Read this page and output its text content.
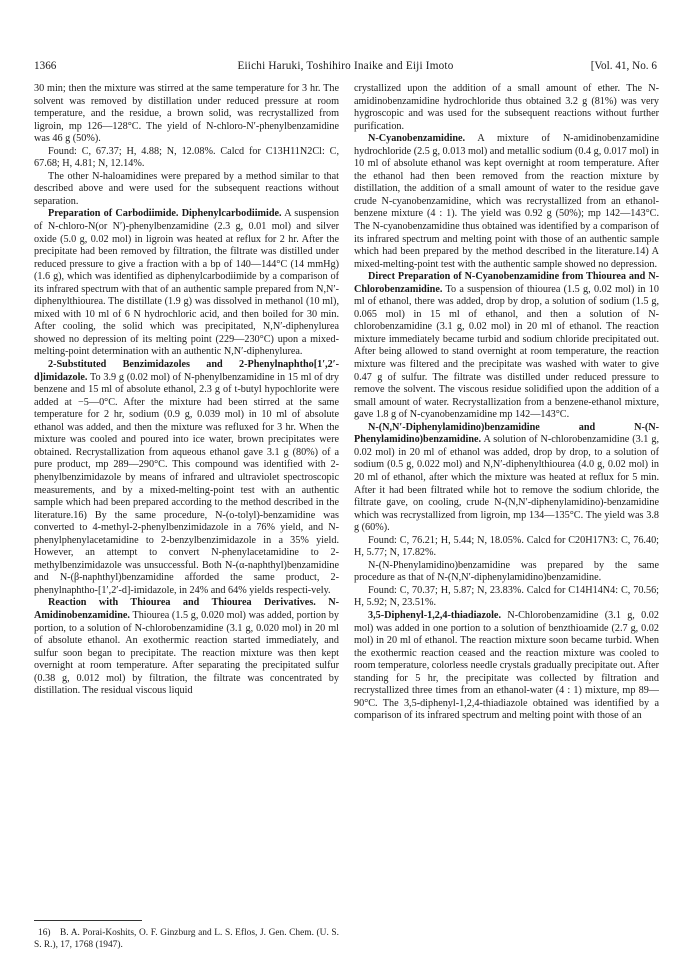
1366	Eiichi Haruki, Toshihiro Inaike and Eiji Imoto	[Vol. 41, No. 6

30 min; then the mixture was stirred at the same temperature for 3 hr. The solvent was removed by distillation under reduced pressure at room temperature, and the residue, a brown solid, was recrystallized from ligroin, mp 126—128°C. The yield of N-chloro-N′-phenylbenzamidine was 46 g (50%).

Found: C, 67.37; H, 4.88; N, 12.08%. Calcd for C13H11N2Cl: C, 67.68; H, 4.81; N, 12.14%.

The other N-haloamidines were prepared by a method similar to that described above and were used for the subsequent reactions without separation.

Preparation of Carbodiimide. Diphenylcarbodiimide. A suspension of N-chloro-N(or N′)-phenylbenzamidine (2.3 g, 0.01 mol) and silver oxide (5.0 g, 0.02 mol) in ligroin was heated at reflux for 2 hr. After the precipitate had been removed by filtration, the filtrate was distilled under reduced pressure to give a fraction with a bp of 140—144°C (14 mmHg) (1.6 g), which was identified as diphenylcarbodiimide by a comparison of its infrared spectrum with that of an authentic sample prepared from N,N′-diphenylthiourea. The distillate (1.9 g) was dissolved in methanol (10 ml), mixed with 10 ml of 6 N hydrochloric acid, and then boiled for 30 min. After cooling, the solid which was precipitated, N,N′-diphenylurea showed no depression of its melting point (229—230°C) upon a mixed-melting-point determination with an authentic N,N′-diphenylurea.

2-Substituted Benzimidazoles and 2-Phenylnaphtho[1′,2′-d]imidazole. To 3.9 g (0.02 mol) of N-phenylbenzamidine in 15 ml of dry benzene and 15 ml of absolute ethanol, 2.3 g of t-butyl hypochlorite were added at −5—0°C. After the mixture had been stirred at the same temperature for 2 hr, sodium (0.9 g, 0.039 mol) in 10 ml of absolute ethanol was added, and then the mixture was refluxed for 3 hr. When the mixture was cooled and poured into ice water, brown precipitates were obtained. Recrystallization from aqueous ethanol gave 3.1 g (80%) of a pure product, mp 289—290°C. This compound was identified with 2-phenylbenzimidazole by means of infrared and ultraviolet spectroscopic measurements, and by a mixed-melting-point test with an authentic sample which had been prepared according to the method described in the literature.16) By the same procedure, N-(o-tolyl)-benzamidine was converted to 4-methyl-2-phenylbenzimidazole in a 76% yield, and N-phenylphenylacetamidine to 2-benzylbenzimidazole in a 35% yield. However, an attempt to convert N-phenylacetamidine to 2-methylbenzimidazole was unsuccessful. Both N-(α-naphthyl)benzamidine and N-(β-naphthyl)benzamidine afforded the same product, 2-phenylnaphtho-[1′,2′-d]-imidazole, in 24% and 64% yields respecti-vely.

Reaction with Thiourea and Thiourea Derivatives. N-Amidinobenzamidine. Thiourea (1.5 g, 0.020 mol) was added, portion by portion, to a solution of N-chlorobenzamidine (3.1 g, 0.020 mol) in 20 ml of absolute ethanol. An exothermic reaction started immediately, and sulfur soon began to precipitate. The reaction mixture was then kept overnight at room temperature. After separating the precipitated sulfur (0.38 g, 0.012 mol) by filtration, the filtrate was concentrated by distillation. The residual viscous liquid

crystallized upon the addition of a small amount of ether. The N-amidinobenzamidine hydrochloride thus obtained 3.2 g (81%) was very hygroscopic and was used for the subsequent reactions without further purification.

N-Cyanobenzamidine. A mixture of N-amidinobenzamidine hydrochloride (2.5 g, 0.013 mol) and metallic sodium (0.4 g, 0.017 mol) in 10 ml of absolute ethanol was kept overnight at room temperature. After the ethanol had then been removed from the reaction mixture by distillation, the addition of a small amount of water to the residue gave crude N-cyanobenzamidine, which was recrystallized from an ethanol-benzene mixture (4 : 1). The yield was 0.92 g (50%); mp 142—143°C. The N-cyanobenzamidine thus obtained was identified by a comparison of its infrared spectrum and melting point with those of an authentic sample which had been prepared by the method described in the literature.14) A mixed-melting-point test with the authentic sample showed no depression.

Direct Preparation of N-Cyanobenzamidine from Thiourea and N-Chlorobenzamidine. To a suspension of thiourea (1.5 g, 0.02 mol) in 10 ml of ethanol, there was added, drop by drop, a solution of sodium (1.5 g, 0.065 mol) in 15 ml of ethanol, and then a solution of N-chlorobenzamidine (3.1 g, 0.02 mol) in 20 ml of ethanol. The reaction mixture immediately became turbid and sodium chloride precipitated out. After being allowed to stand overnight at room temperature, the reaction mixture was filtered and the precipitate was washed with water to give 0.47 g of sulfur. The filtrate was distilled under reduced pressure to remove the solvent. The viscous residue solidified upon the addition of a small amount of water. Recrystallization from a benzene-ethanol mixture, gave 1.8 g of N-cyanobenzamidine mp 142—143°C.

N-(N,N′-Diphenylamidino)benzamidine and N-(N-Phenylamidino)benzamidine. A solution of N-chlorobenzamidine (3.1 g, 0.02 mol) in 20 ml of ethanol was added, drop by drop, to a solution of sodium (0.5 g, 0.022 mol) and N,N′-diphenylthiourea (4.0 g, 0.02 mol) in 20 ml of ethanol, after which the mixture was heated at reflux for 5 min. After it had been filtrated while hot to remove the sodium chloride, the filtrate gave, on cooling, crude N-(N,N′-diphenylamidino)-benzamidine which was recrystallized from ligroin, mp 134—135°C. The yield was 3.8 g (60%).

Found: C, 76.21; H, 5.44; N, 18.05%. Calcd for C20H17N3: C, 76.40; H, 5.77; N, 17.82%.

N-(N-Phenylamidino)benzamidine was prepared by the same procedure as that of N-(N,N′-diphenylamidino)benzamidine.

Found: C, 70.37; H, 5.87; N, 23.83%. Calcd for C14H14N4: C, 70.56; H, 5.92; N, 23.51%.

3,5-Diphenyl-1,2,4-thiadiazole. N-Chlorobenzamidine (3.1 g, 0.02 mol) was added in one portion to a solution of benzthioamide (2.7 g, 0.02 mol) in 20 ml of ethanol. The reaction mixture soon became turbid. When the exothermic reaction ceased and the reaction mixture was cooled to room temperature, colorless needle crystals gradually precipitate out. After standing for 5 hr, the precipitate was collected by filtration and recrystallized three times from an ethanol-water (4 : 1) mixture, mp 89—90°C. The 3,5-diphenyl-1,2,4-thiadiazole obtained was identified by a comparison of its infrared spectrum and melting point with those of an

16) B. A. Porai-Koshits, O. F. Ginzburg and L. S. Eflos, J. Gen. Chem. (U. S. S. R.), 17, 1768 (1947).
